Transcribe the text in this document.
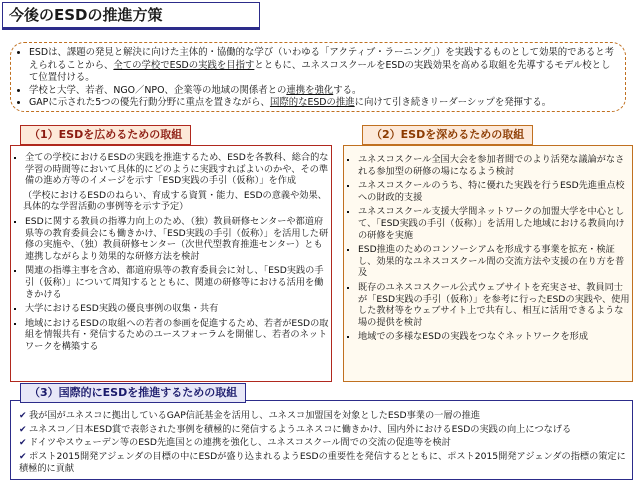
今後のESDの推進方策
• ESDは、課題の発見と解決に向けた主体的・協働的な学び（いわゆる「アクティブ・ラーニング」）を実践するものとして効果的であると考えられることから、全ての学校でESDの実践を目指すとともに、ユネスコスクールをESDの実践効果を高める取組を先導するモデル校として位置付ける。
• 学校と大学、若者、NGO／NPO、企業等の地域の関係者との連携を強化する。
• GAPに示された5つの優先行動分野に重点を置きながら、国際的なESDの推進に向けて引き続きリーダーシップを発揮する。
▪ 全ての学校におけるESDの実践を推進するため、ESDを各教科、総合的な学習の時間等において具体的にどのように実践すればよいのかや、その準備の進め方等のイメージを示す「ESD実践の手引（仮称）」を作成
（学校におけるESDのねらい、育成する資質・能力、ESDの意義や効果、具体的な学習活動の事例等を示す予定）
▪ ESDに関する教員の指導力向上のため、（独）教員研修センターや都道府県等の教育委員会にも働きかけ、「ESD実践の手引（仮称）」を活用した研修の実施や、（独）教員研修センター（次世代型教育推進センター）とも連携しながらより効果的な研修方法を検討
▪ 関連の指導主事を含め、都道府県等の教育委員会に対し、「ESD実践の手引（仮称）」について周知するとともに、関連の研修等における活用を働きかける
▪ 大学におけるESD実践の優良事例の収集・共有
▪ 地域におけるESDの取組への若者の参画を促進するため、若者がESDの取組を情報共有・発信するためのユースフォーラムを開催し、若者のネットワークを構築する
（1）ESDを広めるための取組
▪ ユネスコスクール全国大会を参加者間でのより活発な議論がなされる参加型の研修の場になるよう検討
▪ ユネスコスクールのうち、特に優れた実践を行うESD先進重点校への財政的支援
▪ ユネスコスクール支援大学間ネットワークの加盟大学を中心として、「ESD実践の手引（仮称）」を活用した地域における教員向けの研修を実施
▪ ESD推進のためのコンソーシアムを形成する事業を拡充・検証し、効果的なユネスコスクール間の交流方法や支援の在り方を普及
▪ 既存のユネスコスクール公式ウェブサイトを充実させ、教員同士が「ESD実践の手引（仮称）」を参考に行ったESDの実践や、使用した教材等をウェブサイト上で共有し、相互に活用できるような場の提供を検討
▪ 地域での多様なESDの実践をつなぐネットワークを形成
（2）ESDを深めるための取組
✔ 我が国がユネスコに拠出しているGAP信託基金を活用し、ユネスコ加盟国を対象としたESD事業の一層の推進
✔ ユネスコ／日本ESD賞で表彰された事例を積極的に発信するようユネスコに働きかけ、国内外におけるESDの実践の向上につなげる
✔ ドイツやスウェーデン等のESD先進国との連携を強化し、ユネスコスクール間での交流の促進等を検討
✔ ポスト2015開発アジェンダの目標の中にESDが盛り込まれるようESDの重要性を発信するとともに、ポスト2015開発アジェンダの指標の策定に積極的に貢献
（3）国際的にESDを推進するための取組
